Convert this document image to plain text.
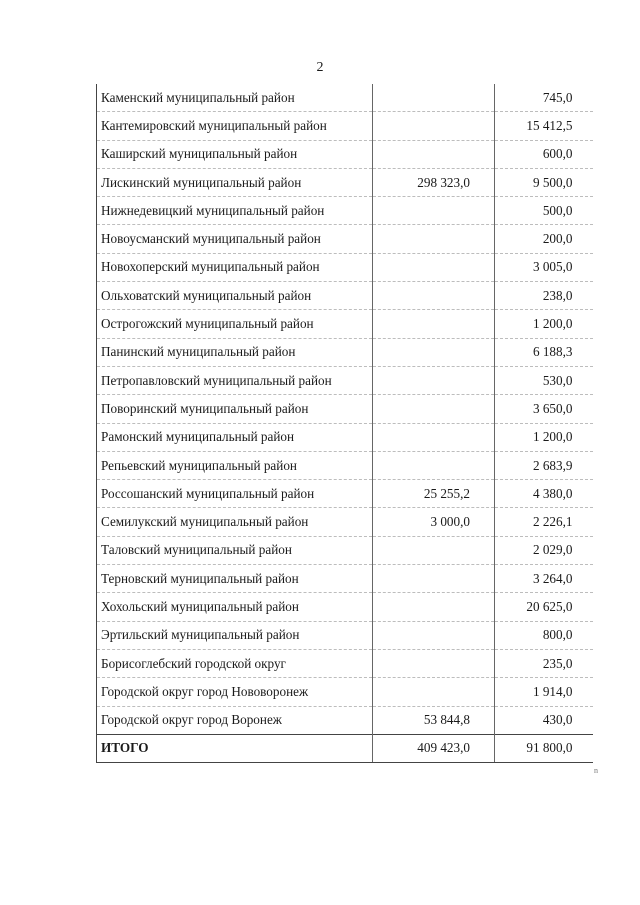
2
Каменский муниципальный район		745,0
Кантемировский муниципальный район		15 412,5
Каширский муниципальный район		600,0
Лискинский муниципальный район	298 323,0	9 500,0
Нижнедевицкий муниципальный район		500,0
Новоусманский муниципальный район		200,0
Новохоперский муниципальный район		3 005,0
Ольховатский муниципальный район		238,0
Острогожский муниципальный район		1 200,0
Панинский муниципальный район		6 188,3
Петропавловский муниципальный район		530,0
Поворинский муниципальный район		3 650,0
Рамонский муниципальный район		1 200,0
Репьевский муниципальный район		2 683,9
Россошанский муниципальный район	25 255,2	4 380,0
Семилукский муниципальный район	3 000,0	2 226,1
Таловский муниципальный район		2 029,0
Терновский муниципальный район		3 264,0
Хохольский муниципальный район		20 625,0
Эртильский муниципальный район		800,0
Борисоглебский городской округ		235,0
Городской округ город Нововоронеж		1 914,0
Городской округ город Воронеж	53 844,8	430,0
ИТОГО	409 423,0	91 800,0
n
